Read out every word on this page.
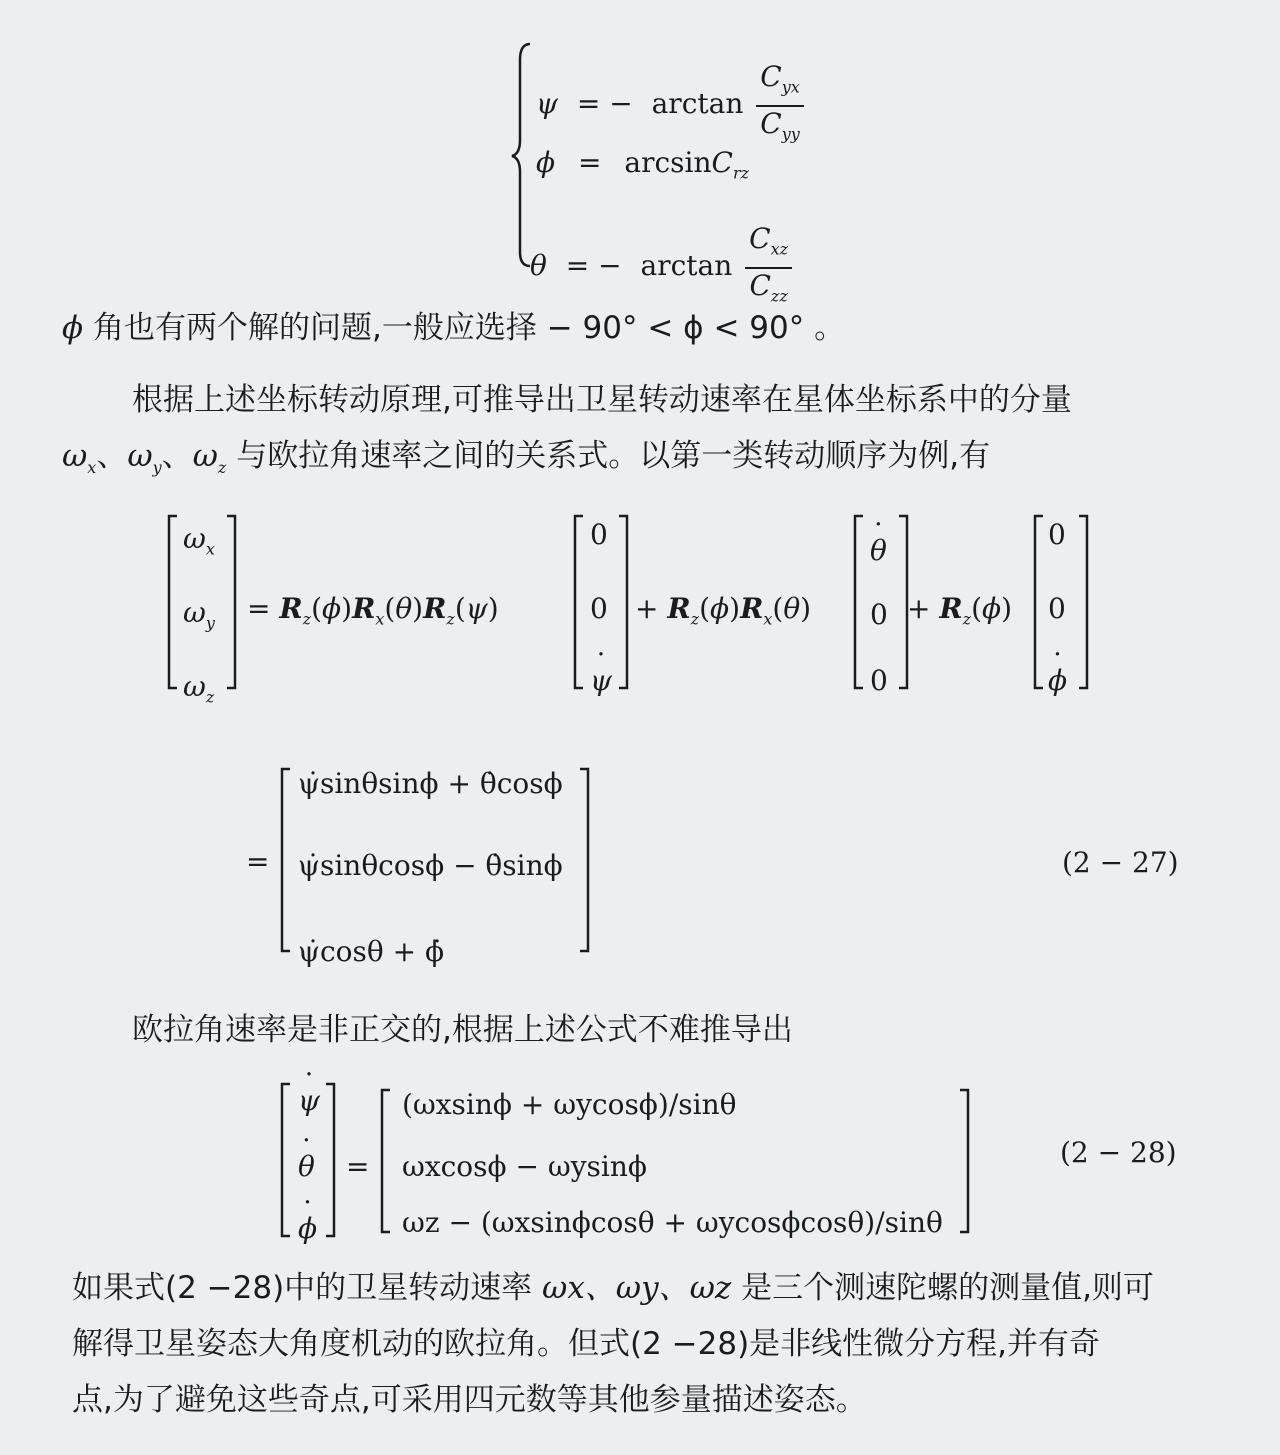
ψ = − $\arctan \frac{C_{yx}}{C_{yy}}$
ϕ = arcsinC$_{rz}$
θ = − $\arctan \frac{C_{xz}}{C_{zz}}$
ϕ 角也有两个解的问题,一般应选择 − 90° < ϕ < 90° 。
根据上述坐标转动原理,可推导出卫星转动速率在星体坐标系中的分量
$\omega_x$、$\omega_y$、$\omega_z$ 与欧拉角速率之间的关系式。以第一类转动顺序为例,有
$\omega_x$
$\omega_y$
$\omega_z$
= $R_z(\phi)R_x(\theta)R_z(\psi)$
0
0
· ψ
+ $R_z(\phi)R_x(\theta)$
· θ
0
0
+ $R_z(\phi)$
0
0
· ϕ
=
ψ̇sinθsinϕ + θ̇cosϕ
ψ̇sinθcosϕ − θ̇sinϕ
ψ̇cosθ + ϕ̇
(2 − 27)
欧拉角速率是非正交的,根据上述公式不难推导出
· ψ
· θ
· ϕ
=
(ωxsinϕ + ωycosϕ)/sinθ
ωxcosϕ − ωysinϕ
ωz − (ωxsinϕcosθ + ωycosϕcosθ)/sinθ
(2 − 28)
如果式(2 −28)中的卫星转动速率 ωx、ωy、ωz 是三个测速陀螺的测量值,则可
解得卫星姿态大角度机动的欧拉角。但式(2 −28)是非线性微分方程,并有奇
点,为了避免这些奇点,可采用四元数等其他参量描述姿态。
